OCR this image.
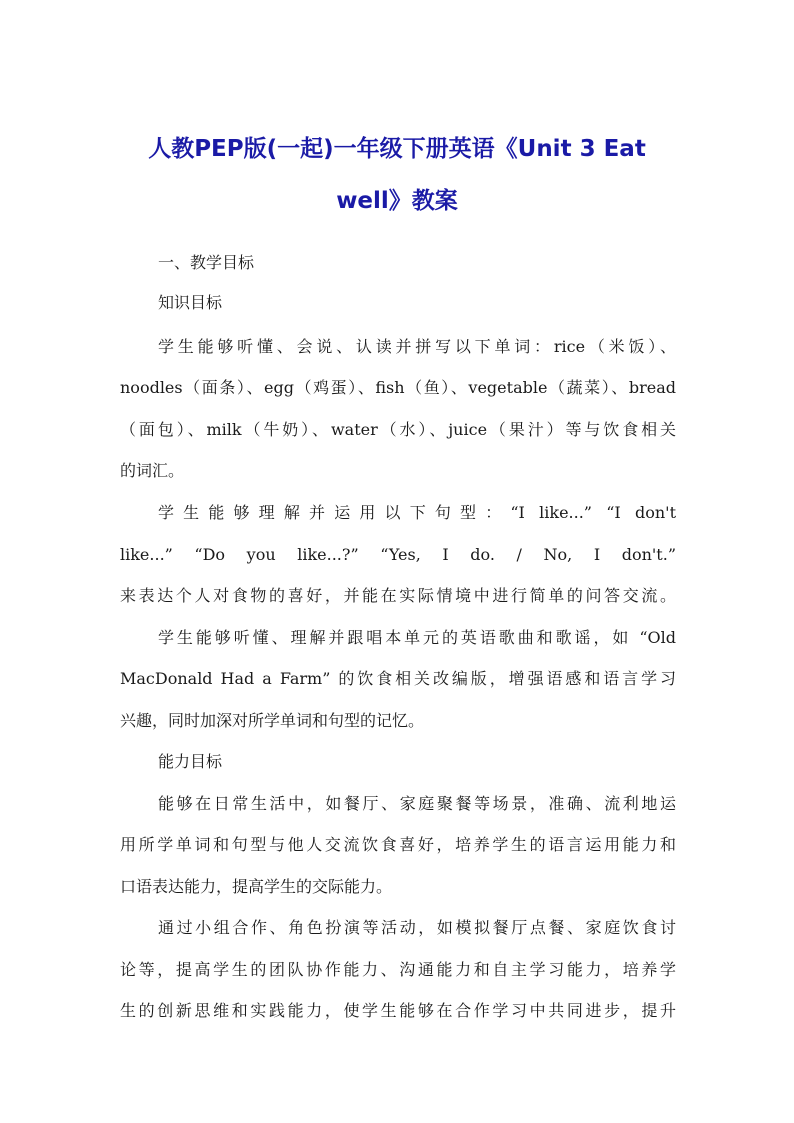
人教PEP版(一起)一年级下册英语《Unit 3 Eat
well》教案

一、教学目标

知识目标

学生能够听懂、会说、认读并拼写以下单词：rice（米饭）、

noodles（面条）、egg（鸡蛋）、fish（鱼）、vegetable（蔬菜）、bread

（面包）、milk（牛奶）、water（水）、juice（果汁）等与饮食相关

的词汇。

学生能够理解并运用以下句型：“I like...” “I don't

like...” “Do you like...?” “Yes, I do. / No, I don't.”

来表达个人对食物的喜好，并能在实际情境中进行简单的问答交流。

学生能够听懂、理解并跟唱本单元的英语歌曲和歌谣，如 “Old

MacDonald Had a Farm” 的饮食相关改编版，增强语感和语言学习

兴趣，同时加深对所学单词和句型的记忆。

能力目标

能够在日常生活中，如餐厅、家庭聚餐等场景，准确、流利地运

用所学单词和句型与他人交流饮食喜好，培养学生的语言运用能力和

口语表达能力，提高学生的交际能力。

通过小组合作、角色扮演等活动，如模拟餐厅点餐、家庭饮食讨

论等，提高学生的团队协作能力、沟通能力和自主学习能力，培养学

生的创新思维和实践能力，使学生能够在合作学习中共同进步，提升
